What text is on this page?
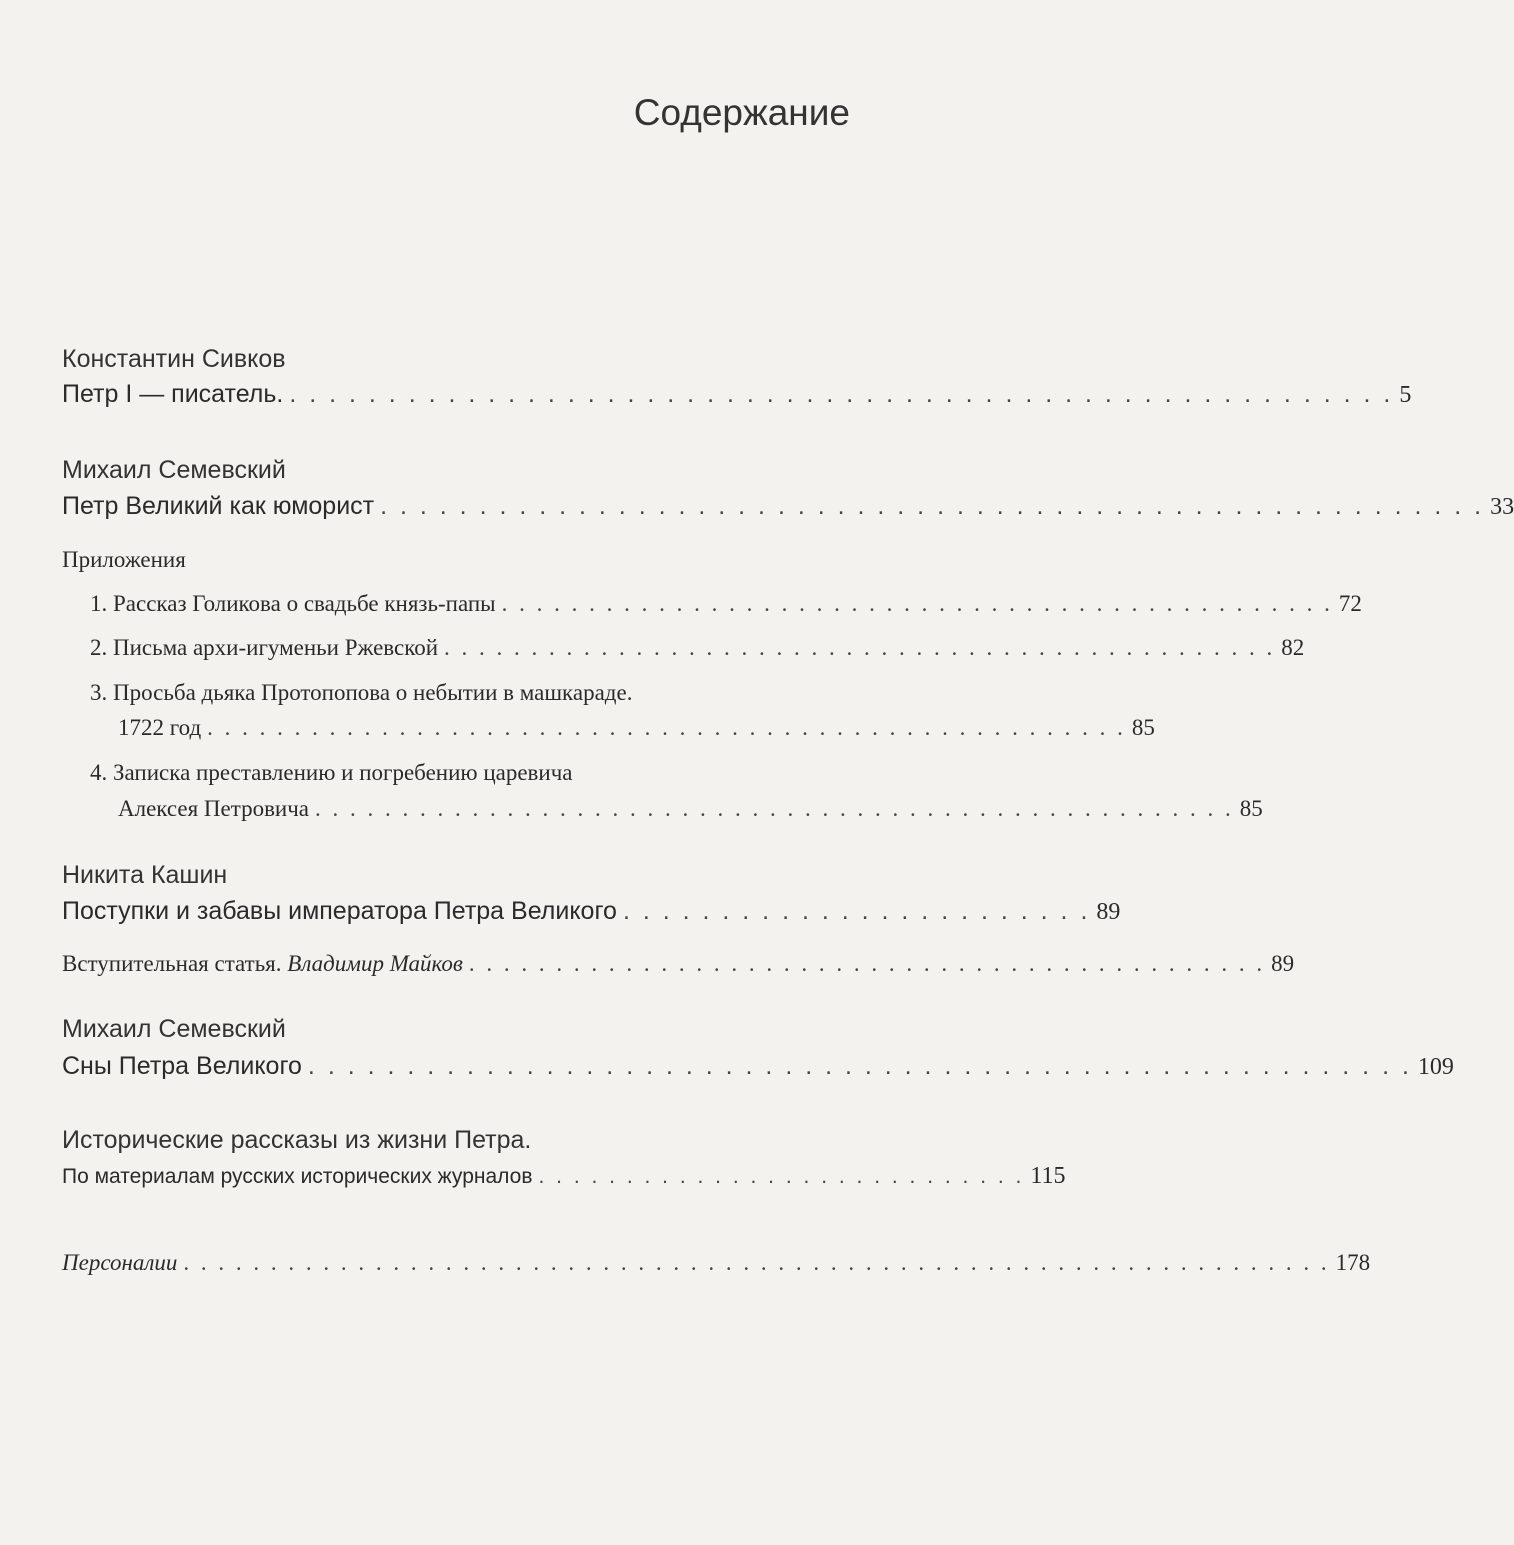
Содержание
Константин Сивков
Петр I — писатель. . . . . . . . . . . . . . . . . . . . . . . . . . . . . . . . . . . . . . . . . . . . . . . . . . . . . . . . . 5
Михаил Семевский
Петр Великий как юморист . . . . . . . . . . . . . . . . . . . . . . . . . . . . . . . . . . . . . . . . . . . . . . . . . . . . . . . . 33
Приложения
1. Рассказ Голикова о свадьбе князь-папы . . . . . . . . . . . . . . . . . . . . . . . . . . . . . . . . . . . . . . . . . . . . . . . . 72
2. Письма архи-игуменьи Ржевской . . . . . . . . . . . . . . . . . . . . . . . . . . . . . . . . . . . . . . . . . . . . . . . . 82
3. Просьба дьяка Протопопова о небытии в машкараде.
1722 год . . . . . . . . . . . . . . . . . . . . . . . . . . . . . . . . . . . . . . . . . . . . . . . . . . . . . 85
4. Записка преставлению и погребению царевича
Алексея Петровича . . . . . . . . . . . . . . . . . . . . . . . . . . . . . . . . . . . . . . . . . . . . . . . . . . . . . 85
Никита Кашин
Поступки и забавы императора Петра Великого . . . . . . . . . . . . . . . . . . . . . . . . 89
Вступительная статья. Владимир Майков . . . . . . . . . . . . . . . . . . . . . . . . . . . . . . . . . . . . . . . . . . . . . . 89
Михаил Семевский
Сны Петра Великого . . . . . . . . . . . . . . . . . . . . . . . . . . . . . . . . . . . . . . . . . . . . . . . . . . . . . . . . 109
Исторические рассказы из жизни Петра.
По материалам русских исторических журналов . . . . . . . . . . . . . . . . . . . . . . . . . . . . 115
Персоналии . . . . . . . . . . . . . . . . . . . . . . . . . . . . . . . . . . . . . . . . . . . . . . . . . . . . . . . . . . . . . . . . . . 178
